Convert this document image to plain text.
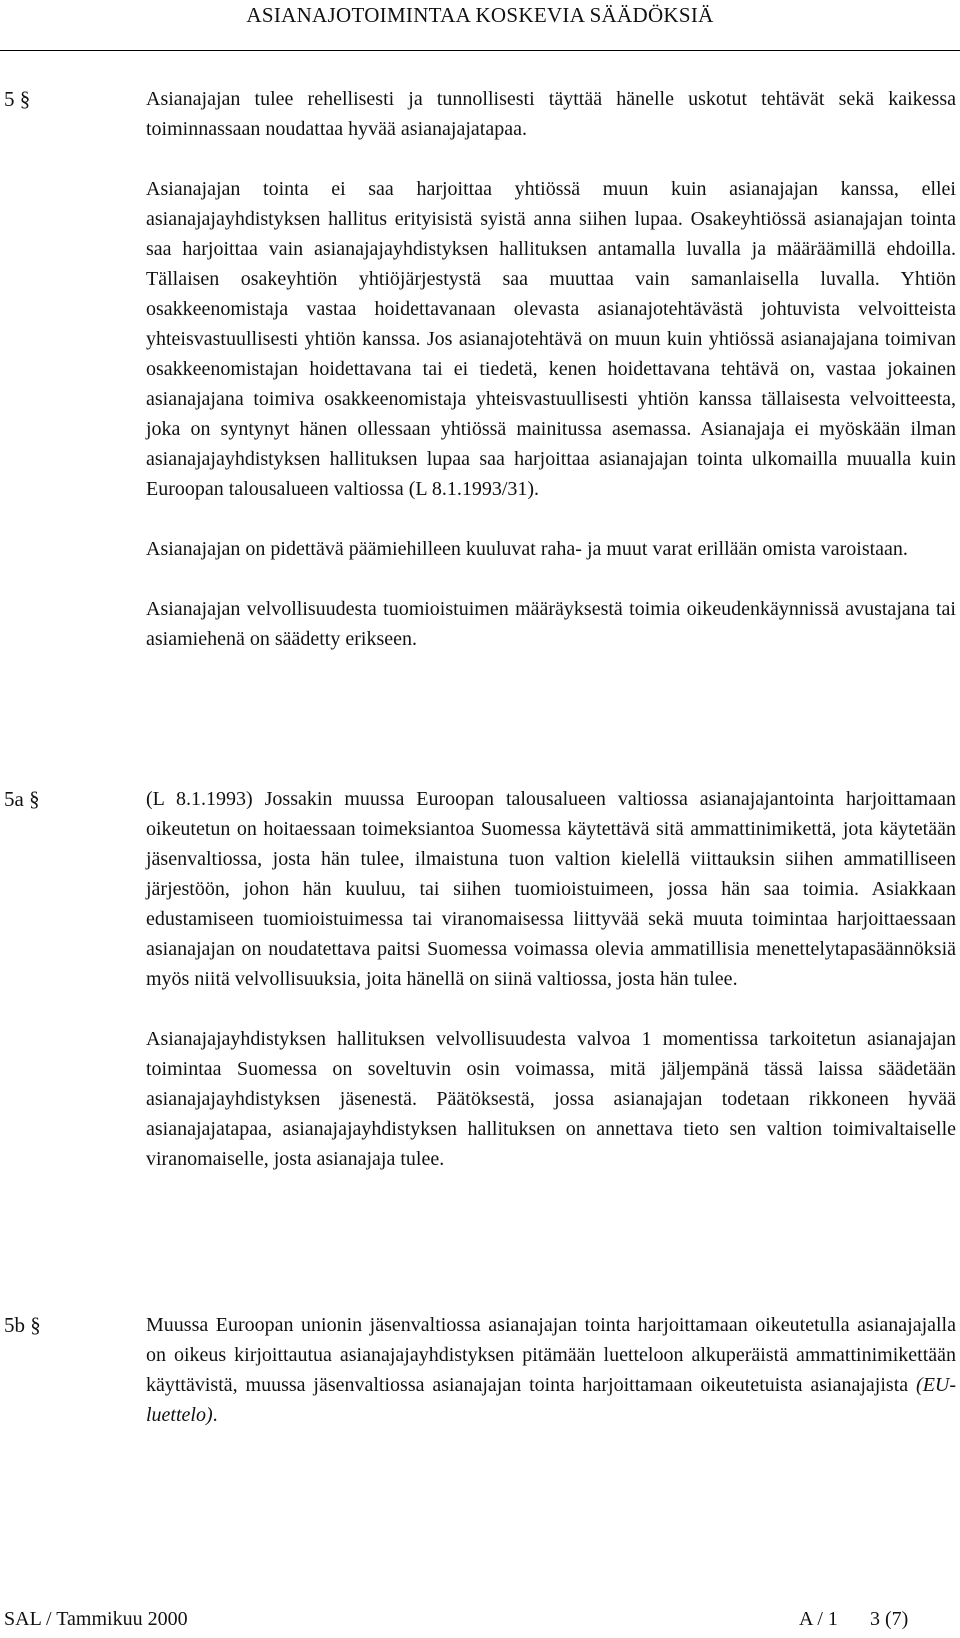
ASIANAJOTOIMINTAA KOSKEVIA SÄÄDÖKSIÄ
5 §	Asianajajan tulee rehellisesti ja tunnollisesti täyttää hänelle uskotut tehtävät sekä kaikessa toiminnassaan noudattaa hyvää asianajajatapaa.

Asianajajan tointa ei saa harjoittaa yhtiössä muun kuin asianajajan kanssa, ellei asianajajayhdistyksen hallitus erityisistä syistä anna siihen lupaa. Osakeyhtiössä asianajajan tointa saa harjoittaa vain asianajajayhdistyksen hallituksen antamalla luvalla ja määräämillä ehdoilla. Tällaisen osakeyhtiön yhtiöjärjestystä saa muuttaa vain samanlaisella luvalla. Yhtiön osakkeenomistaja vastaa hoidettavanaan olevasta asianajotehtävästä johtuvista velvoitteista yhteisvastuullisesti yhtiön kanssa. Jos asianajotehtävä on muun kuin yhtiössä asianajajana toimivan osakkeenomistajan hoidettavana tai ei tiedetä, kenen hoidettavana tehtävä on, vastaa jokainen asianajajana toimiva osakkeenomistaja yhteisvastuullisesti yhtiön kanssa tällaisesta velvoitteesta, joka on syntynyt hänen ollessaan yhtiössä mainitussa asemassa. Asianajaja ei myöskään ilman asianajajayhdistyksen hallituksen lupaa saa harjoittaa asianajajan tointa ulkomailla muualla kuin Euroopan talousalueen valtiossa (L 8.1.1993/31).

Asianajajan on pidettävä päämiehilleen kuuluvat raha- ja muut varat erillään omista varoistaan.

Asianajajan velvollisuudesta tuomioistuimen määräyksestä toimia oikeudenkäynnissä avustajana tai asiamiehenä on säädetty erikseen.

5a §	(L 8.1.1993) Jossakin muussa Euroopan talousalueen valtiossa asianajajantointa harjoittamaan oikeutetun on hoitaessaan toimeksiantoa Suomessa käytettävä sitä ammattinimikettä, jota käytetään jäsenvaltiossa, josta hän tulee, ilmaistuna tuon valtion kielellä viittauksin siihen ammatilliseen järjestöön, johon hän kuuluu, tai siihen tuomioistuimeen, jossa hän saa toimia. Asiakkaan edustamiseen tuomioistuimessa tai viranomaisessa liittyvää sekä muuta toimintaa harjoittaessaan asianajajan on noudatettava paitsi Suomessa voimassa olevia ammatillisia menettelytapasäännöksiä myös niitä velvollisuuksia, joita hänellä on siinä valtiossa, josta hän tulee.

Asianajajayhdistyksen hallituksen velvollisuudesta valvoa 1 momentissa tarkoitetun asianajajan toimintaa Suomessa on soveltuvin osin voimassa, mitä jäljempänä tässä laissa säädetään asianajajayhdistyksen jäsenestä. Päätöksestä, jossa asianajajan todetaan rikkoneen hyvää asianajajatapaa, asianajajayhdistyksen hallituksen on annettava tieto sen valtion toimivaltaiselle viranomaiselle, josta asianajaja tulee.

5b §	Muussa Euroopan unionin jäsenvaltiossa asianajajan tointa harjoittamaan oikeutetulla asianajajalla on oikeus kirjoittautua asianajajayhdistyksen pitämään luetteloon alkuperäistä ammattinimikettään käyttävistä, muussa jäsenvaltiossa asianajajan tointa harjoittamaan oikeutetuista asianajajista (EU-luettelo).

SAL / Tammikuu 2000	A / 1 3 (7)
